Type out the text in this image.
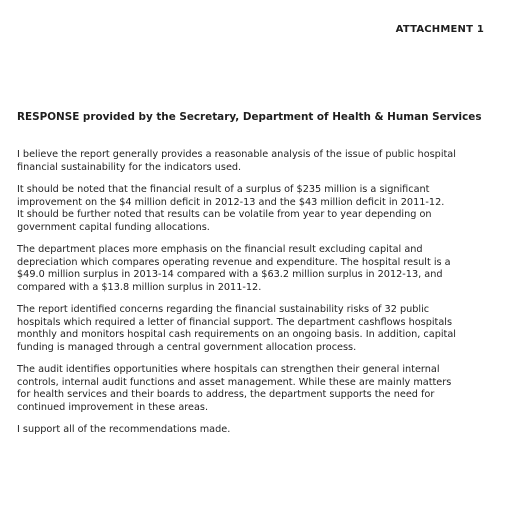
ATTACHMENT 1
RESPONSE provided by the Secretary, Department of Health & Human Services

I believe the report generally provides a reasonable analysis of the issue of public hospital
financial sustainability for the indicators used.

It should be noted that the financial result of a surplus of $235 million is a significant
improvement on the $4 million deficit in 2012-13 and the $43 million deficit in 2011-12.
It should be further noted that results can be volatile from year to year depending on
government capital funding allocations.

The department places more emphasis on the financial result excluding capital and
depreciation which compares operating revenue and expenditure. The hospital result is a
$49.0 million surplus in 2013-14 compared with a $63.2 million surplus in 2012-13, and
compared with a $13.8 million surplus in 2011-12.

The report identified concerns regarding the financial sustainability risks of 32 public
hospitals which required a letter of financial support. The department cashflows hospitals
monthly and monitors hospital cash requirements on an ongoing basis. In addition, capital
funding is managed through a central government allocation process.

The audit identifies opportunities where hospitals can strengthen their general internal
controls, internal audit functions and asset management. While these are mainly matters
for health services and their boards to address, the department supports the need for
continued improvement in these areas.

I support all of the recommendations made.
